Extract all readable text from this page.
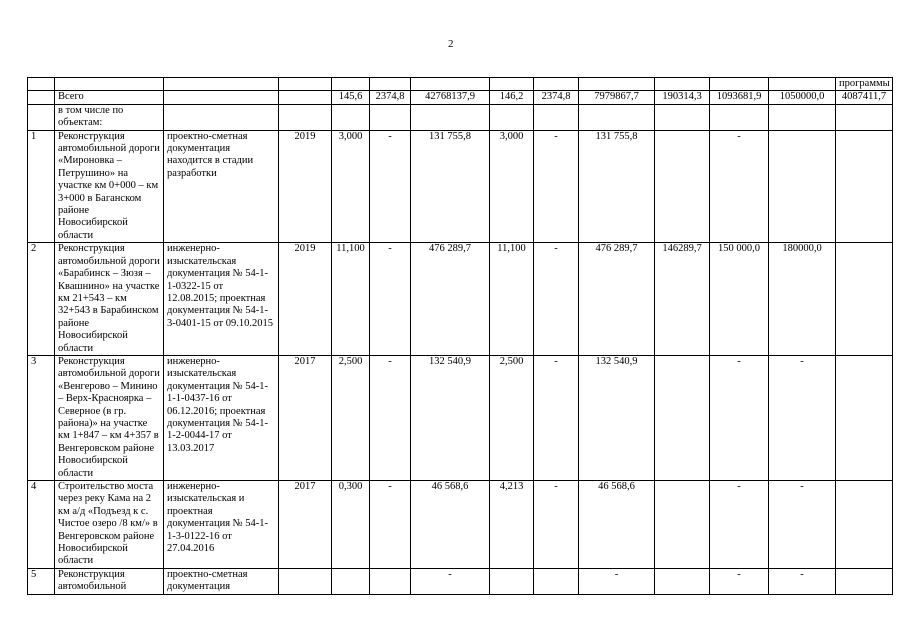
2
													программы
	Всего			145,6	2374,8	42768137,9	146,2	2374,8	7979867,7	190314,3	1093681,9	1050000,0	4087411,7
	в том числе по объектам:												
1	Реконструкция автомобильной дороги «Мироновка – Петрушино» на участке км 0+000 – км 3+000 в Баганском районе Новосибирской области	проектно-сметная документация находится в стадии разработки	2019	3,000	-	131 755,8	3,000	-	131 755,8		-		
2	Реконструкция автомобильной дороги «Барабинск – Зюзя – Квашнино» на участке км 21+543 – км 32+543 в Барабинском районе Новосибирской области	инженерно-изыскательская документация № 54-1-1-0322-15 от 12.08.2015; проектная документация № 54-1-3-0401-15 от 09.10.2015	2019	11,100	-	476 289,7	11,100	-	476 289,7	146289,7	150 000,0	180000,0	
3	Реконструкция автомобильной дороги «Венгерово – Минино – Верх-Красноярка – Северное (в гр. района)» на участке км 1+847 – км 4+357 в Венгеровском районе Новосибирской области	инженерно-изыскательская документация № 54-1-1-1-0437-16 от 06.12.2016; проектная документация № 54-1-1-2-0044-17 от 13.03.2017	2017	2,500	-	132 540,9	2,500	-	132 540,9		-	-	
4	Строительство моста через реку Кама на 2 км а/д «Подъезд к с. Чистое озеро /8 км/» в Венгеровском районе Новосибирской области	инженерно-изыскательская и проектная документация № 54-1-1-3-0122-16 от 27.04.2016	2017	0,300	-	46 568,6	4,213	-	46 568,6		-	-	
5	Реконструкция автомобильной	проектно-сметная документация				-			-		-	-	
